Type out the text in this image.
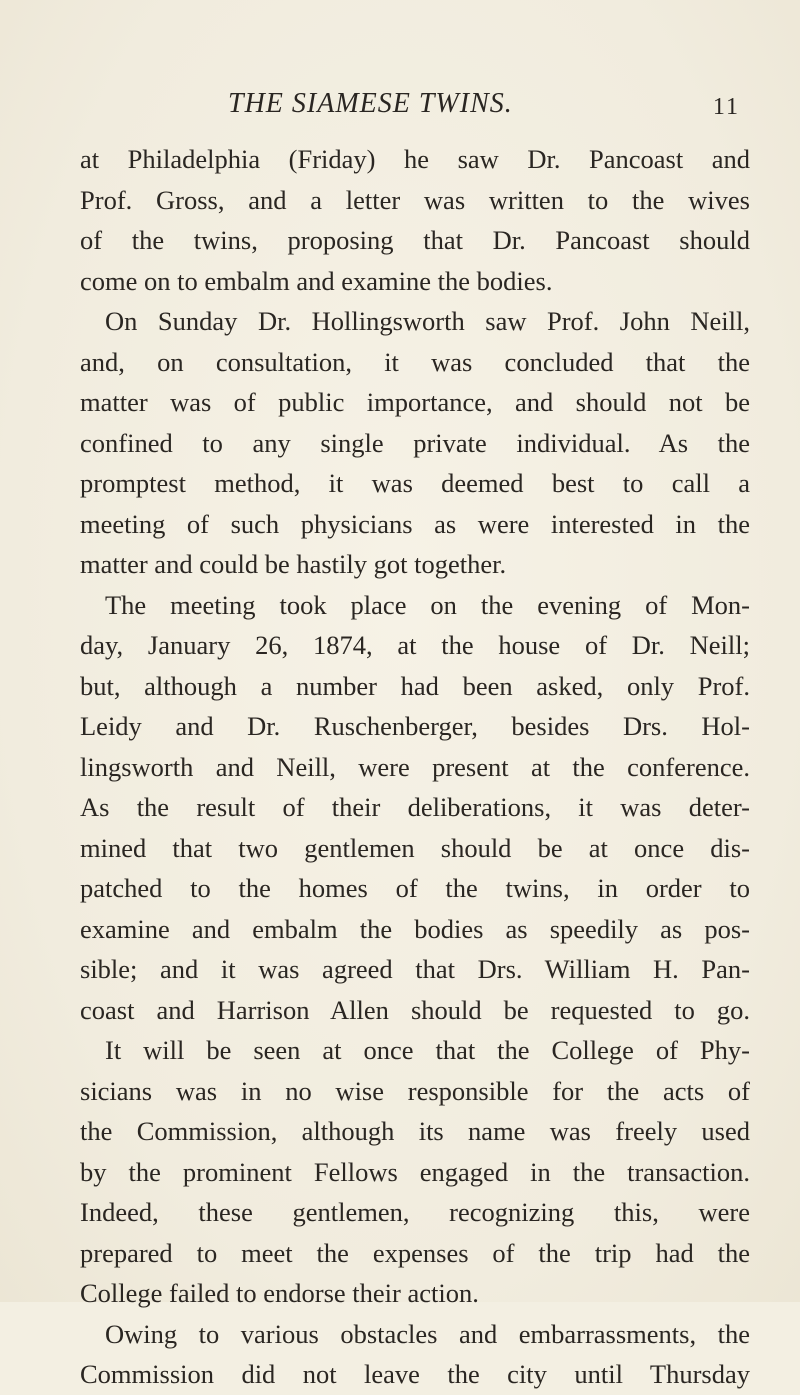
THE SIAMESE TWINS.	11
at Philadelphia (Friday) he saw Dr. Pancoast and
Prof. Gross, and a letter was written to the wives
of the twins, proposing that Dr. Pancoast should
come on to embalm and examine the bodies.
On Sunday Dr. Hollingsworth saw Prof. John Neill,
and, on consultation, it was concluded that the
matter was of public importance, and should not be
confined to any single private individual. As the
promptest method, it was deemed best to call a
meeting of such physicians as were interested in the
matter and could be hastily got together.
The meeting took place on the evening of Mon-
day, January 26, 1874, at the house of Dr. Neill;
but, although a number had been asked, only Prof.
Leidy and Dr. Ruschenberger, besides Drs. Hol-
lingsworth and Neill, were present at the conference.
As the result of their deliberations, it was deter-
mined that two gentlemen should be at once dis-
patched to the homes of the twins, in order to
examine and embalm the bodies as speedily as pos-
sible; and it was agreed that Drs. William H. Pan-
coast and Harrison Allen should be requested to go.
It will be seen at once that the College of Phy-
sicians was in no wise responsible for the acts of
the Commission, although its name was freely used
by the prominent Fellows engaged in the transaction.
Indeed, these gentlemen, recognizing this, were
prepared to meet the expenses of the trip had the
College failed to endorse their action.
Owing to various obstacles and embarrassments, the
Commission did not leave the city until Thursday
